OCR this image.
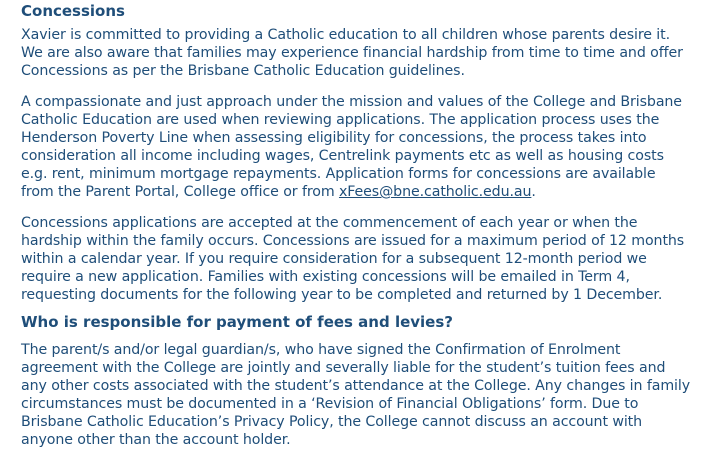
Concessions

Xavier is committed to providing a Catholic education to all children whose parents desire it. We are also aware that families may experience financial hardship from time to time and offer Concessions as per the Brisbane Catholic Education guidelines.

A compassionate and just approach under the mission and values of the College and Brisbane Catholic Education are used when reviewing applications. The application process uses the Henderson Poverty Line when assessing eligibility for concessions, the process takes into consideration all income including wages, Centrelink payments etc as well as housing costs e.g. rent, minimum mortgage repayments. Application forms for concessions are available from the Parent Portal, College office or from xFees@bne.catholic.edu.au.

Concessions applications are accepted at the commencement of each year or when the hardship within the family occurs. Concessions are issued for a maximum period of 12 months within a calendar year. If you require consideration for a subsequent 12-month period we require a new application. Families with existing concessions will be emailed in Term 4, requesting documents for the following year to be completed and returned by 1 December.

Who is responsible for payment of fees and levies?

The parent/s and/or legal guardian/s, who have signed the Confirmation of Enrolment agreement with the College are jointly and severally liable for the student’s tuition fees and any other costs associated with the student’s attendance at the College. Any changes in family circumstances must be documented in a ‘Revision of Financial Obligations’ form. Due to Brisbane Catholic Education’s Privacy Policy, the College cannot discuss an account with anyone other than the account holder.
